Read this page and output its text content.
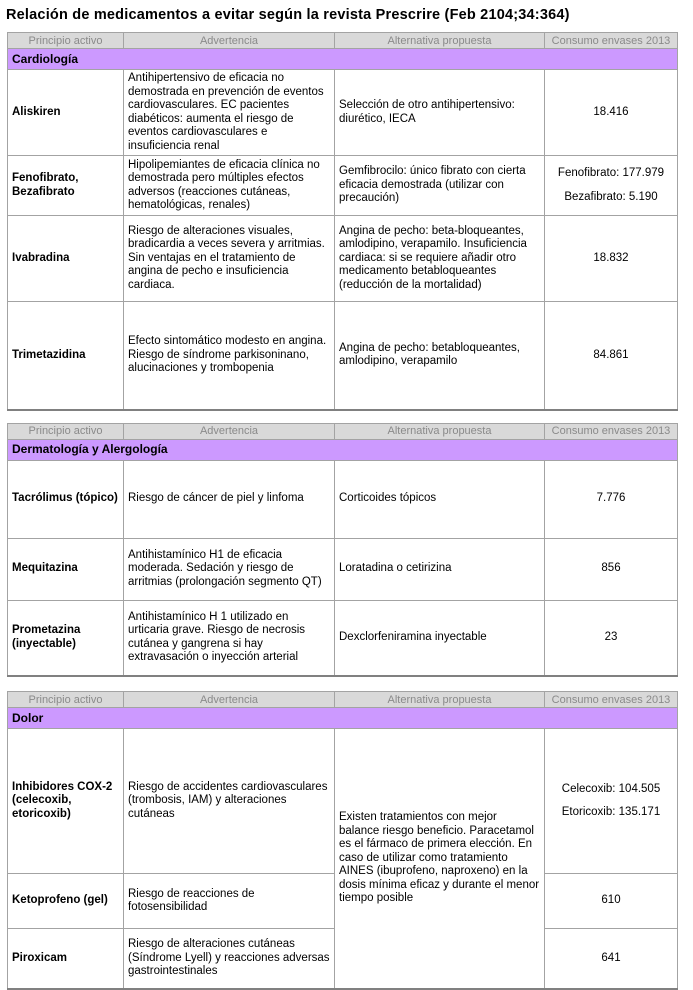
Relación de medicamentos a evitar según la revista Prescrire (Feb 2104;34:364)
Principio activo	Advertencia	Alternativa propuesta	Consumo envases 2013
Cardiología			
Aliskiren	Antihipertensivo de eficacia no demostrada en prevención de eventos cardiovasculares. EC pacientes diabéticos: aumenta el riesgo de eventos cardiovasculares e insuficiencia renal	Selección de otro antihipertensivo: diurético, IECA	18.416

Fenofibrato, Bezafibrato	Hipolipemiantes de eficacia clínica no demostrada pero múltiples efectos adversos (reacciones cutáneas, hematológicas, renales)	Gemfibrocilo: único fibrato con cierta eficacia demostrada (utilizar con precaución)	Fenofibrato: 177.979
Bezafibrato: 5.190

Ivabradina	Riesgo de alteraciones visuales, bradicardia a veces severa y arritmias. Sin ventajas en el tratamiento de angina de pecho e insuficiencia cardiaca.	Angina de pecho: beta-bloqueantes, amlodipino, verapamilo. Insuficiencia cardiaca: si se requiere añadir otro medicamento betabloqueantes (reducción de la mortalidad)	18.832

Trimetazidina	Efecto sintomático modesto en angina. Riesgo de síndrome parkisoninano, alucinaciones y trombopenia	Angina de pecho: betabloqueantes, amlodipino, verapamilo	84.861
Principio activo	Advertencia	Alternativa propuesta	Consumo envases 2013
Dermatología y Alergología			
Tacrólimus (tópico)	Riesgo de cáncer de piel y linfoma	Corticoides tópicos	7.776

Mequitazina	Antihistamínico H1 de eficacia moderada. Sedación y riesgo de arritmias (prolongación segmento QT)	Loratadina o cetirizina	856

Prometazina (inyectable)	Antihistamínico H 1 utilizado en urticaria grave. Riesgo de necrosis cutánea y gangrena si hay extravasación o inyección arterial	Dexclorfeniramina inyectable	23
Principio activo	Advertencia	Alternativa propuesta	Consumo envases 2013
Dolor			
Inhibidores COX-2 (celecoxib, etoricoxib)	Riesgo de accidentes cardiovasculares (trombosis, IAM) y alteraciones cutáneas	Existen tratamientos con mejor balance riesgo beneficio. Paracetamol es el fármaco de primera elección. En caso de utilizar como tratamiento AINES (ibuprofeno, naproxeno) en la dosis mínima eficaz y durante el menor tiempo posible	Celecoxib: 104.505
Etoricoxib: 135.171

Ketoprofeno (gel)	Riesgo de reacciones de fotosensibilidad		610

Piroxicam	Riesgo de alteraciones cutáneas (Síndrome Lyell) y reacciones adversas gastrointestinales		641
